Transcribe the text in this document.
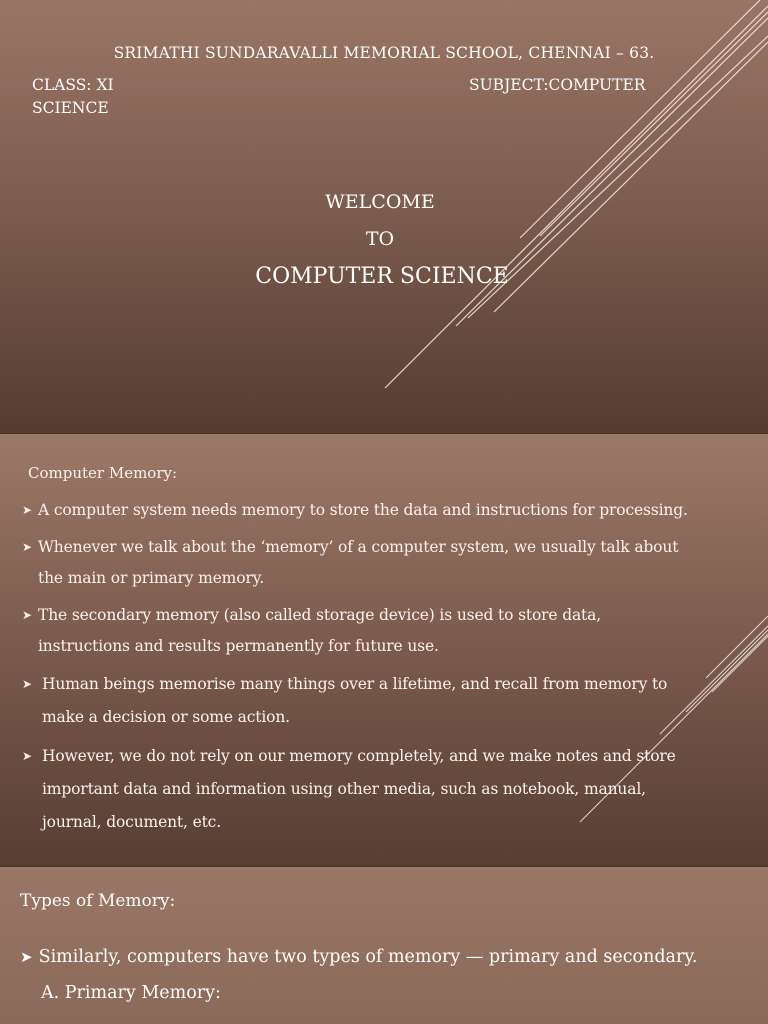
SRIMATHI SUNDARAVALLI MEMORIAL SCHOOL, CHENNAI – 63.
CLASS: XI	SUBJECT:COMPUTER
SCIENCE
WELCOME
TO
COMPUTER SCIENCE
Computer Memory:
➤ A computer system needs memory to store the data and instructions for processing.
➤ Whenever we talk about the ‘memory’ of a computer system, we usually talk about
the main or primary memory.
➤ The secondary memory (also called storage device) is used to store data,
instructions and results permanently for future use.
➤ Human beings memorise many things over a lifetime, and recall from memory to
make a decision or some action.
➤ However, we do not rely on our memory completely, and we make notes and store
important data and information using other media, such as notebook, manual,
journal, document, etc.
Types of Memory:
➤ Similarly, computers have two types of memory — primary and secondary.
A. Primary Memory:
